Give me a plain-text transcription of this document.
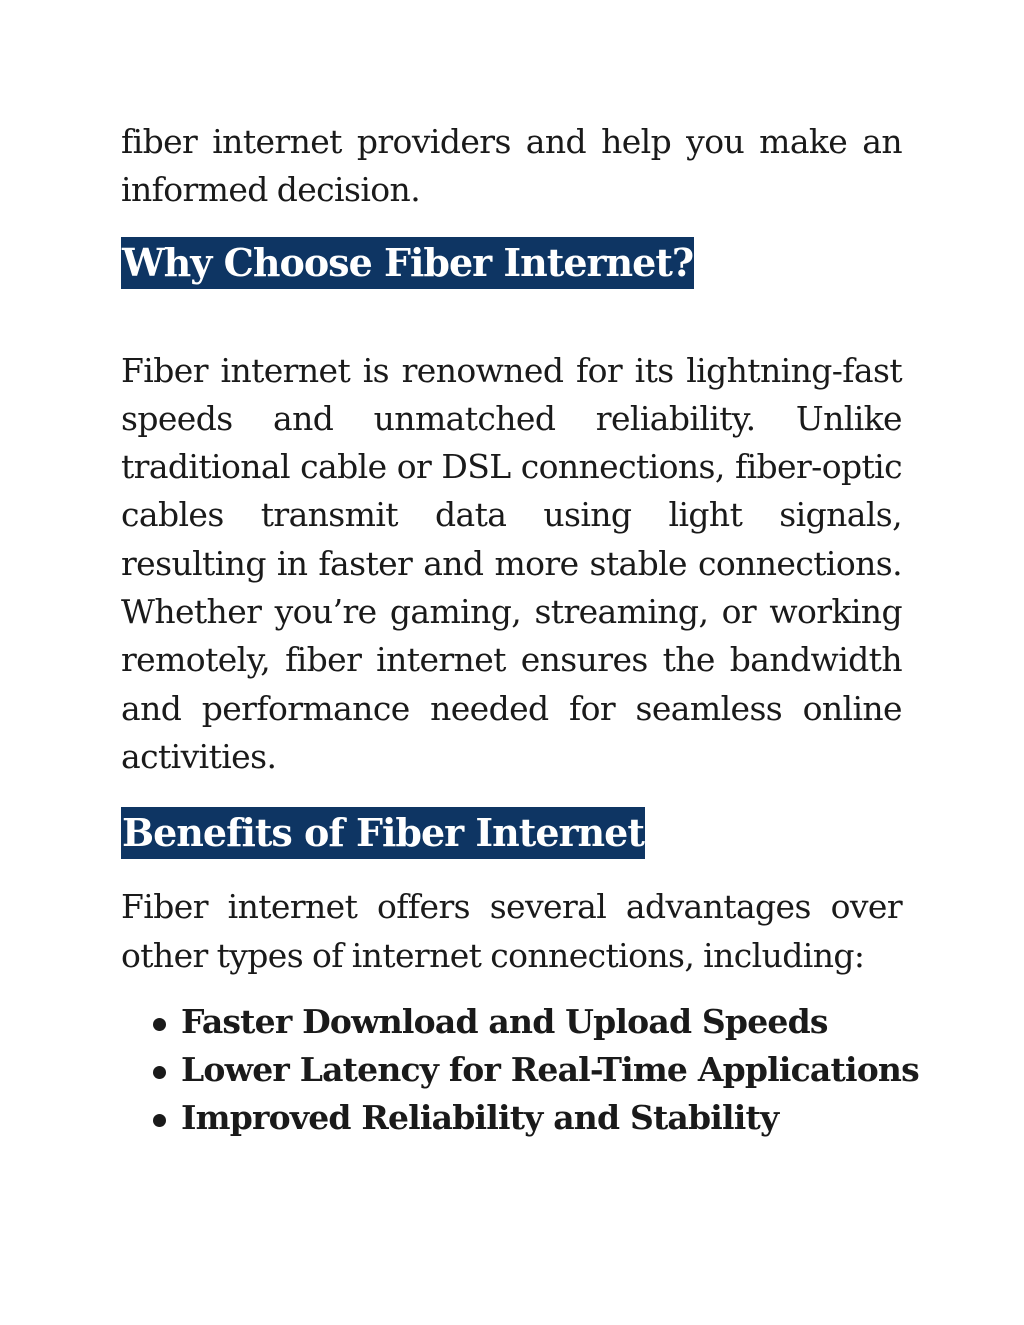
fiber internet providers and help you make an informed decision.

Why Choose Fiber Internet?

Fiber internet is renowned for its lightning-fast speeds and unmatched reliability. Unlike traditional cable or DSL connections, fiber-optic cables transmit data using light signals, resulting in faster and more stable connections. Whether you’re gaming, streaming, or working remotely, fiber internet ensures the bandwidth and performance needed for seamless online activities.

Benefits of Fiber Internet

Fiber internet offers several advantages over other types of internet connections, including:

Faster Download and Upload Speeds
Lower Latency for Real-Time Applications
Improved Reliability and Stability
